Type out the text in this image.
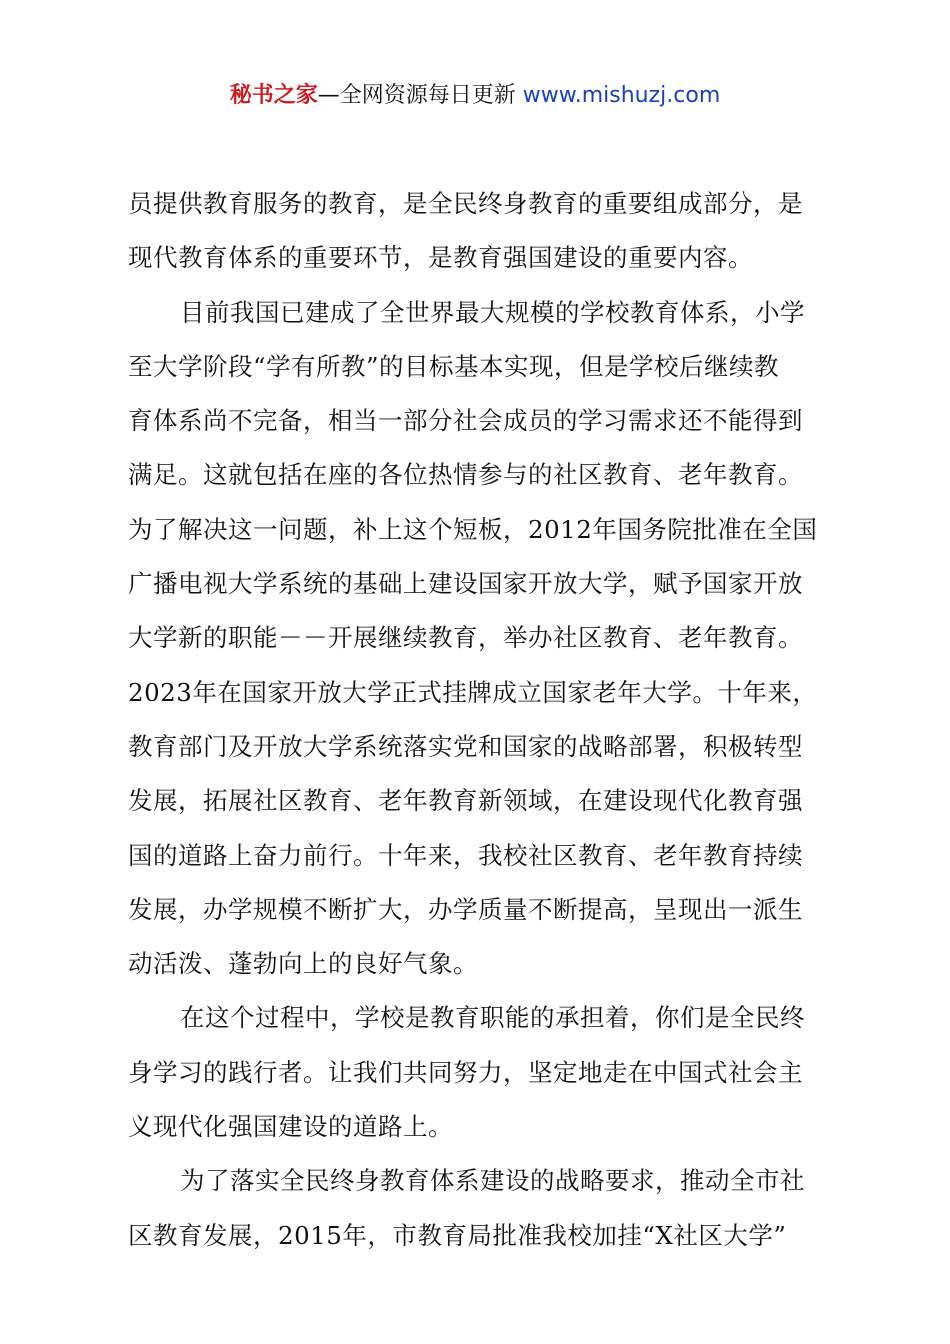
秘书之家—全网资源每日更新 www.mishuzj.com
员提供教育服务的教育，是全民终身教育的重要组成部分，是
现代教育体系的重要环节，是教育强国建设的重要内容。
目前我国已建成了全世界最大规模的学校教育体系，小学
至大学阶段“学有所教”的目标基本实现，但是学校后继续教
育体系尚不完备，相当一部分社会成员的学习需求还不能得到
满足。这就包括在座的各位热情参与的社区教育、老年教育。
为了解决这一问题，补上这个短板，2012年国务院批准在全国
广播电视大学系统的基础上建设国家开放大学，赋予国家开放
大学新的职能－－开展继续教育，举办社区教育、老年教育。
2023年在国家开放大学正式挂牌成立国家老年大学。十年来，
教育部门及开放大学系统落实党和国家的战略部署，积极转型
发展，拓展社区教育、老年教育新领域，在建设现代化教育强
国的道路上奋力前行。十年来，我校社区教育、老年教育持续
发展，办学规模不断扩大，办学质量不断提高，呈现出一派生
动活泼、蓬勃向上的良好气象。
在这个过程中，学校是教育职能的承担着，你们是全民终
身学习的践行者。让我们共同努力，坚定地走在中国式社会主
义现代化强国建设的道路上。
为了落实全民终身教育体系建设的战略要求，推动全市社
区教育发展，2015年，市教育局批准我校加挂“X社区大学”
